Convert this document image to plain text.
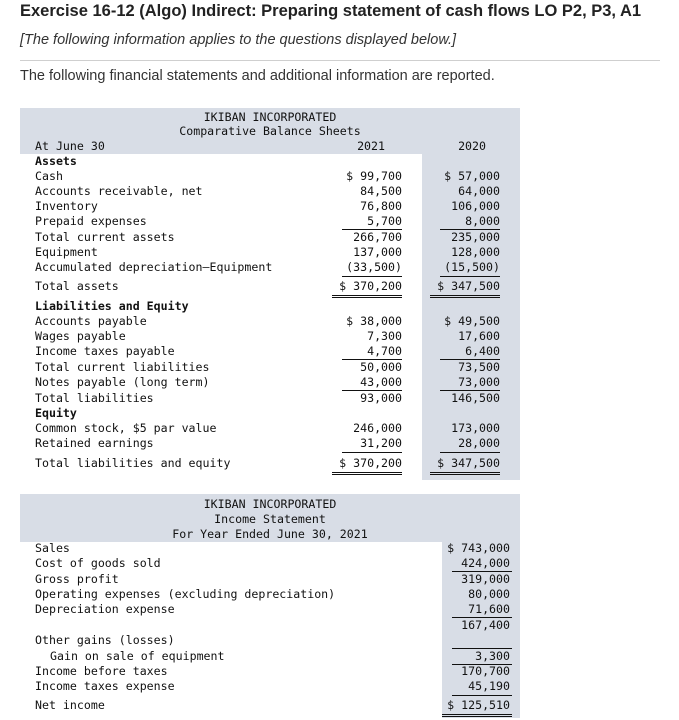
Exercise 16-12 (Algo) Indirect: Preparing statement of cash flows LO P2, P3, A1
[The following information applies to the questions displayed below.]
The following financial statements and additional information are reported.
IKIBAN INCORPORATED
Comparative Balance Sheets
At June 30	2021	2020
Assets
Cash	$ 99,700	$ 57,000
Accounts receivable, net	84,500	64,000
Inventory	76,800	106,000
Prepaid expenses	5,700	8,000
Total current assets	266,700	235,000
Equipment	137,000	128,000
Accumulated depreciation—Equipment	(33,500)	(15,500)
Total assets	$ 370,200	$ 347,500
Liabilities and Equity
Accounts payable	$ 38,000	$ 49,500
Wages payable	7,300	17,600
Income taxes payable	4,700	6,400
Total current liabilities	50,000	73,500
Notes payable (long term)	43,000	73,000
Total liabilities	93,000	146,500
Equity
Common stock, $5 par value	246,000	173,000
Retained earnings	31,200	28,000
Total liabilities and equity	$ 370,200	$ 347,500
IKIBAN INCORPORATED
Income Statement
For Year Ended June 30, 2021
Sales	$ 743,000
Cost of goods sold	424,000
Gross profit	319,000
Operating expenses (excluding depreciation)	80,000
Depreciation expense	71,600
167,400
Other gains (losses)
Gain on sale of equipment	3,300
Income before taxes	170,700
Income taxes expense	45,190
Net income	$ 125,510
